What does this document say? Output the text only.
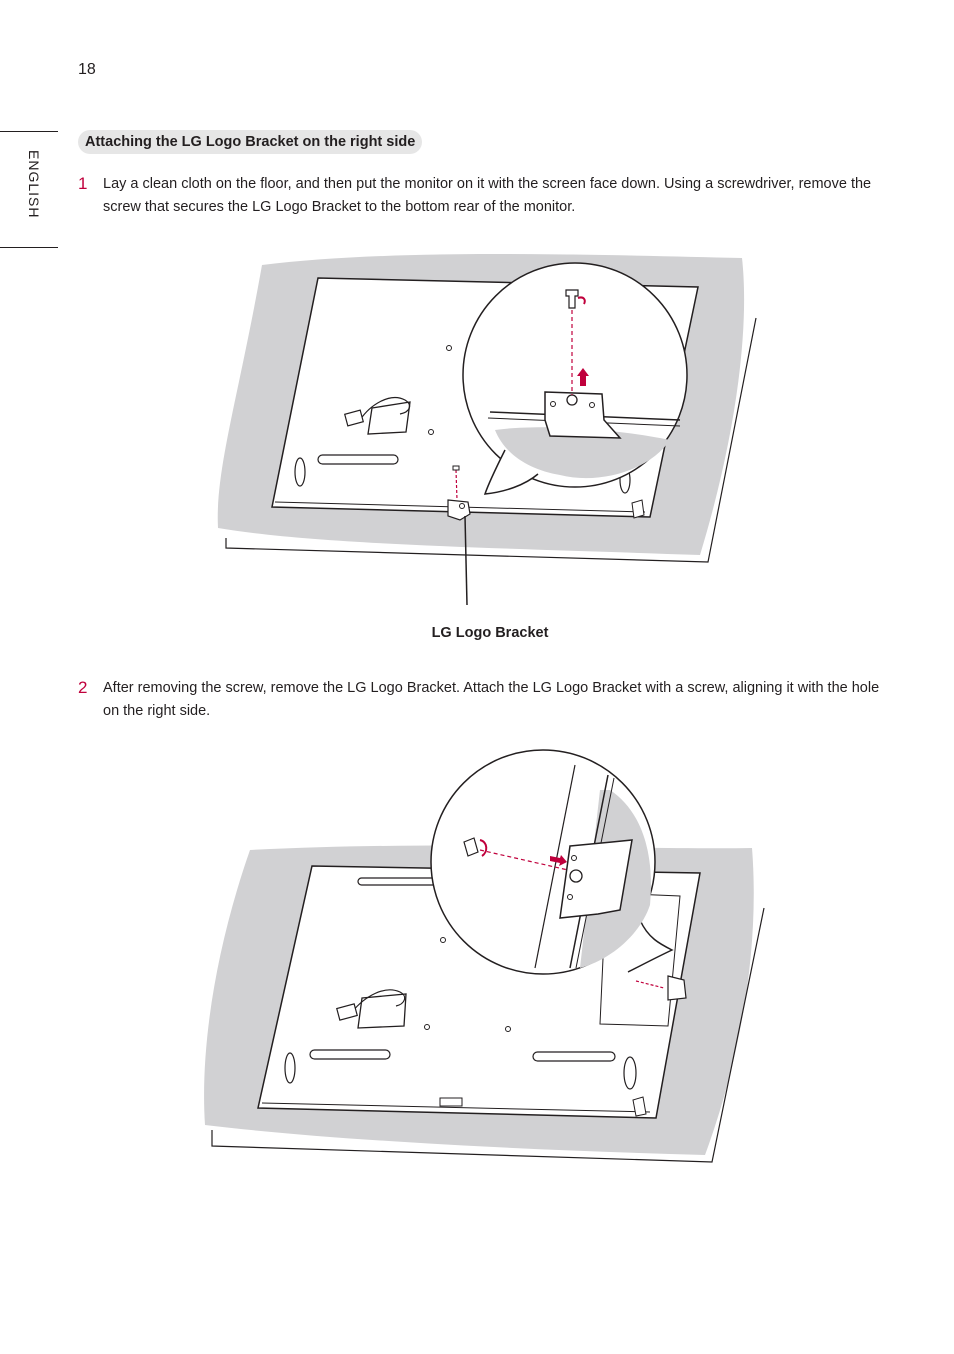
18
ENGLISH
Attaching the LG Logo Bracket on the right side
1 Lay a clean cloth on the floor, and then put the monitor on it with the screen face down. Using a screwdriver, remove the screw that secures the LG Logo Bracket to the bottom rear of the monitor.
LG Logo Bracket
2 After removing the screw, remove the LG Logo Bracket. Attach the LG Logo Bracket with a screw, aligning it with the hole on the right side.
